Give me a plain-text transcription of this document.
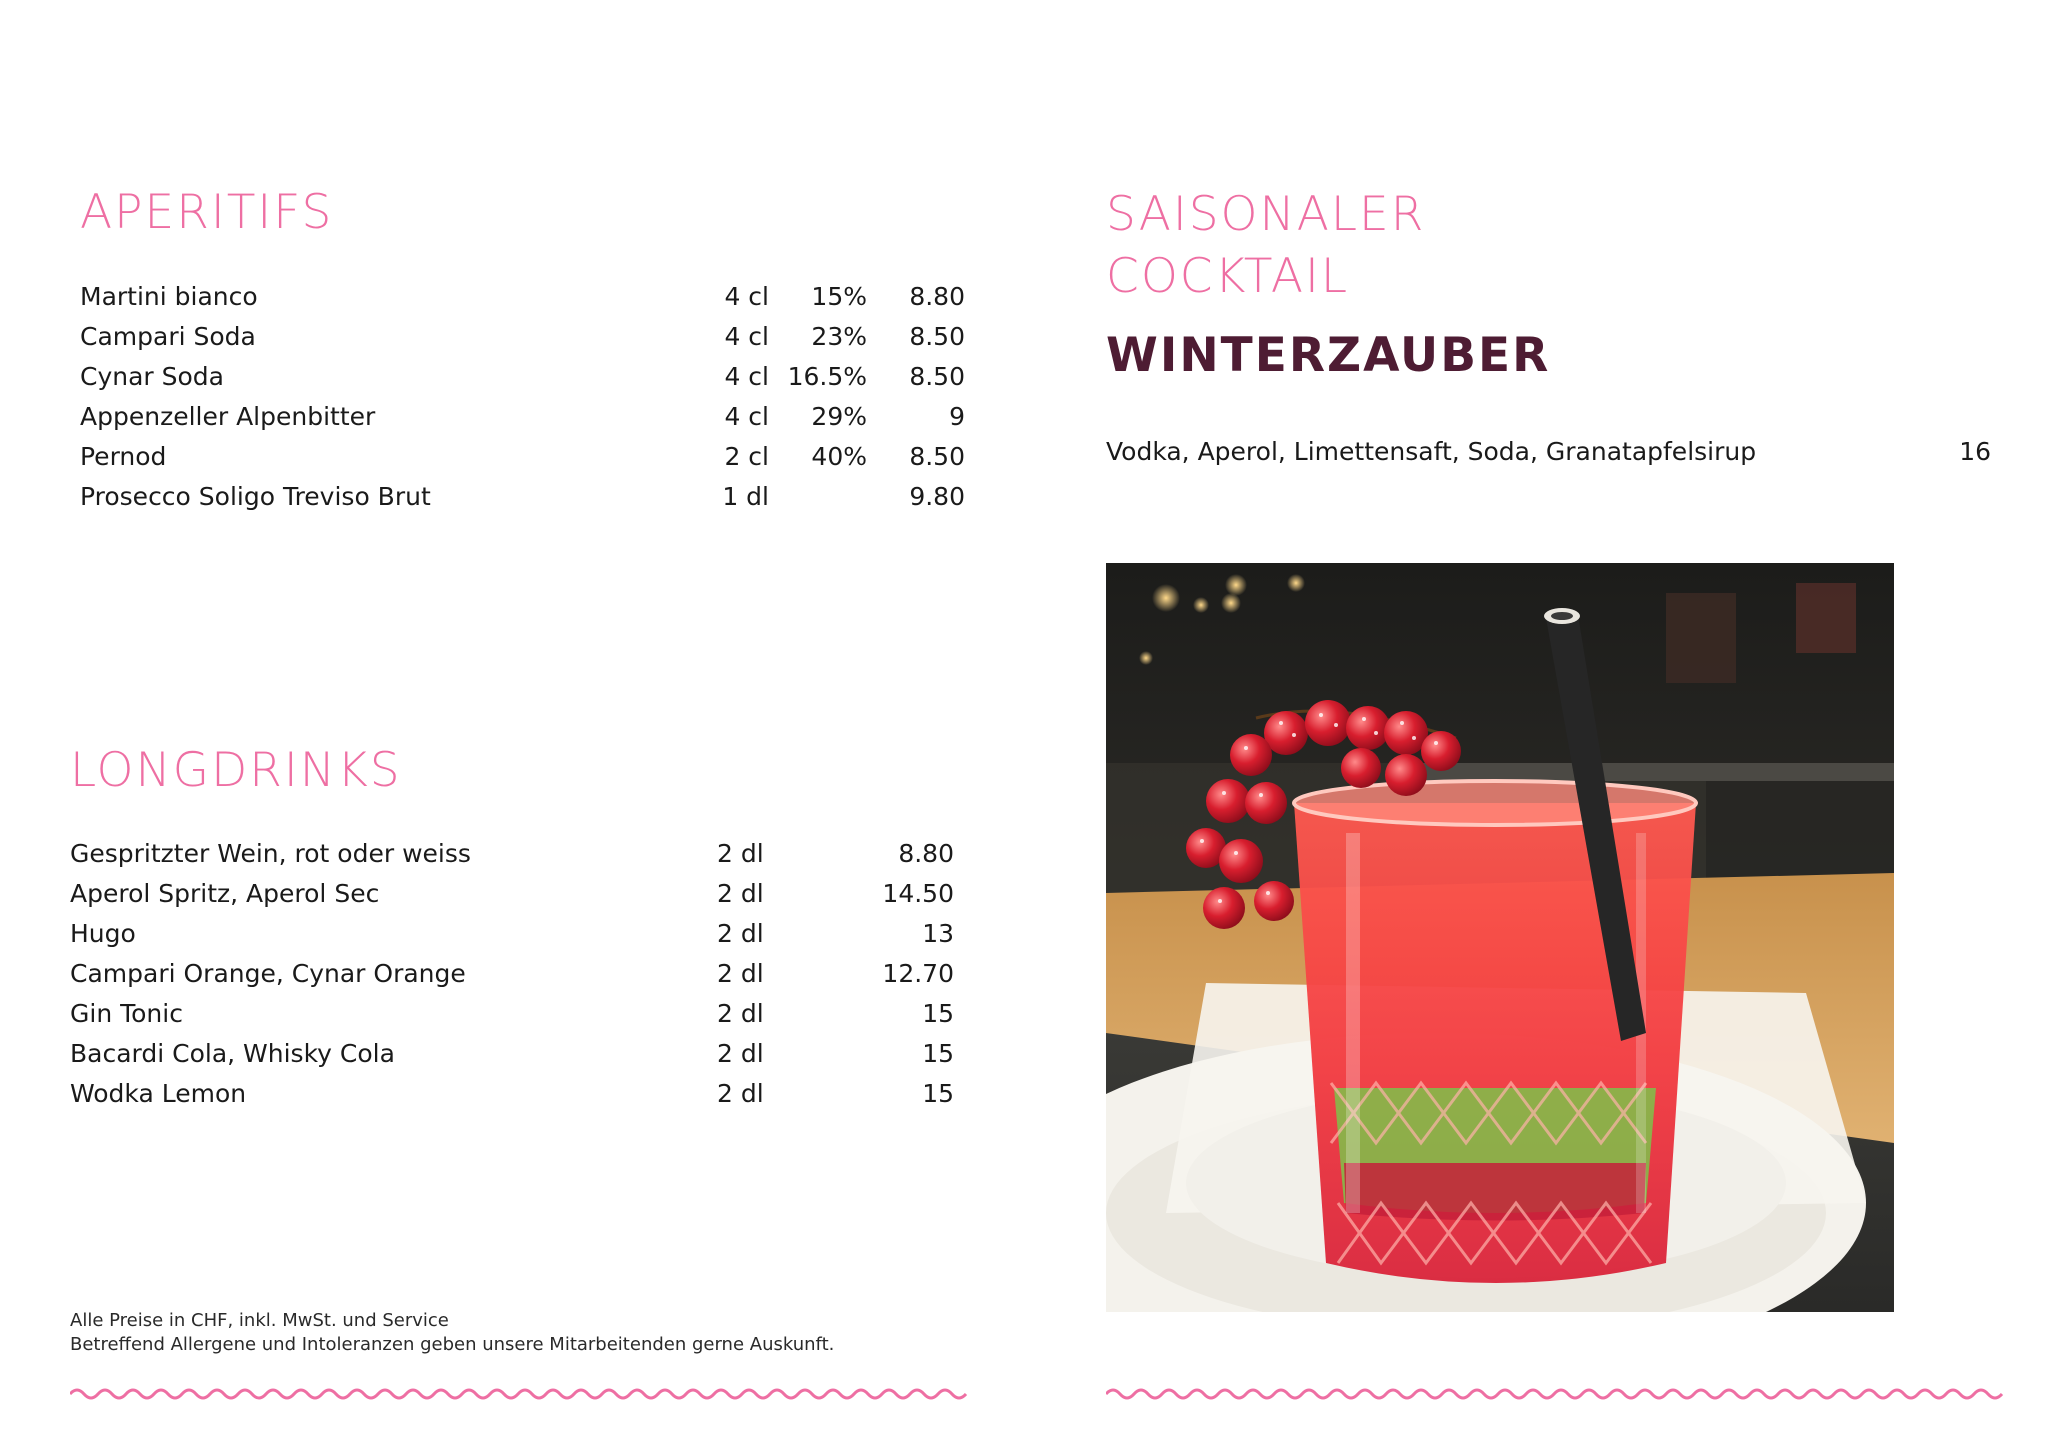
APERITIFS
Martini bianco	4 cl 15% 8.80
Campari Soda	4 cl 23% 8.50
Cynar Soda	4 cl 16.5% 8.50
Appenzeller Alpenbitter	4 cl 29%	9
Pernod	2 cl 40% 8.50
Prosecco Soligo Treviso Brut	1 dl	9.80
LONGDRINKS
Gespritzter Wein, rot oder weiss	2 dl	8.80
Aperol Spritz, Aperol Sec	2 dl	14.50
Hugo	2 dl	13
Campari Orange, Cynar Orange	2 dl	12.70
Gin Tonic	2 dl	15
Bacardi Cola, Whisky Cola	2 dl	15
Wodka Lemon	2 dl	15
SAISONALER
COCKTAIL
WINTERZAUBER
Vodka, Aperol, Limettensaft, Soda, Granatapfelsirup	16
Alle Preise in CHF, inkl. MwSt. und Service
Betreffend Allergene und Intoleranzen geben unsere Mitarbeitenden gerne Auskunft.
